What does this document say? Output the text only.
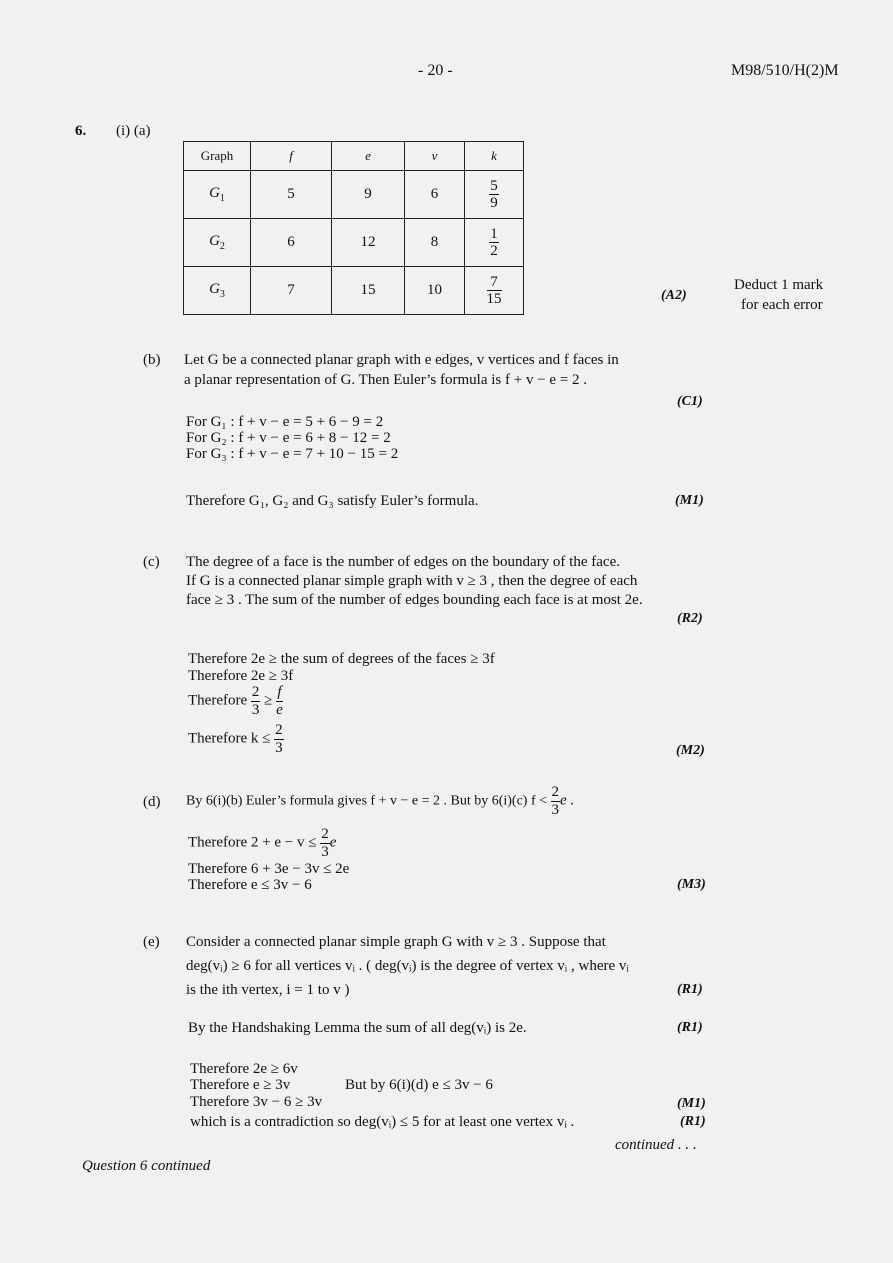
- 20 -	M98/510/H(2)M
6. (i) (a)
Graph	f	e	v	k
$G_1$	5	9	6	$\frac{5}{9}$

$G_2$	6	12	8	$\frac{1}{2}$

$G_3$	7	15	10	$\frac{7}{15}$	(A2)
Deduct 1 mark
for each error
(b) Let G be a connected planar graph with e edges, v vertices and f faces in
a planar representation of G. Then Euler’s formula is f + v − e = 2 .
(C1)
For G₁ : f + v − e = 5 + 6 − 9 = 2
For G₂ : f + v − e = 6 + 8 − 12 = 2
For G₃ : f + v − e = 7 + 10 − 15 = 2
Therefore G₁, G₂ and G₃ satisfy Euler’s formula.	(M1)
(c) The degree of a face is the number of edges on the boundary of the face.
If G is a connected planar simple graph with v ≥ 3 , then the degree of each
face ≥ 3 . The sum of the number of edges bounding each face is at most 2e.
(R2)
Therefore 2e ≥ the sum of degrees of the faces ≥ 3f
Therefore 2e ≥ 3f
Therefore $\frac{2}{3} \ge \frac{f}{e}$
Therefore $k \le \frac{2}{3}$	(M2)
(d) By 6(i)(b) Euler’s formula gives f + v − e = 2 . But by 6(i)(c) $f < \frac{2}{3}$ e .
Therefore $2 + e - v \le \frac{2}{3}$ e
Therefore 6 + 3e − 3v ≤ 2e
Therefore e ≤ 3v − 6	(M3)
(e) Consider a connected planar simple graph G with v ≥ 3 . Suppose that
deg(vᵢ) ≥ 6 for all vertices vᵢ . ( deg(vᵢ) is the degree of vertex vᵢ , where vᵢ
is the ith vertex, i = 1 to v )	(R1)
By the Handshaking Lemma the sum of all deg(vᵢ) is 2e.	(R1)
Therefore 2e ≥ 6v
Therefore e ≥ 3v	But by 6(i)(d) e ≤ 3v − 6
Therefore 3v − 6 ≥ 3v	(M1)
which is a contradiction so deg(vᵢ) ≤ 5 for at least one vertex vᵢ .	(R1)
continued . . .
Question 6 continued
